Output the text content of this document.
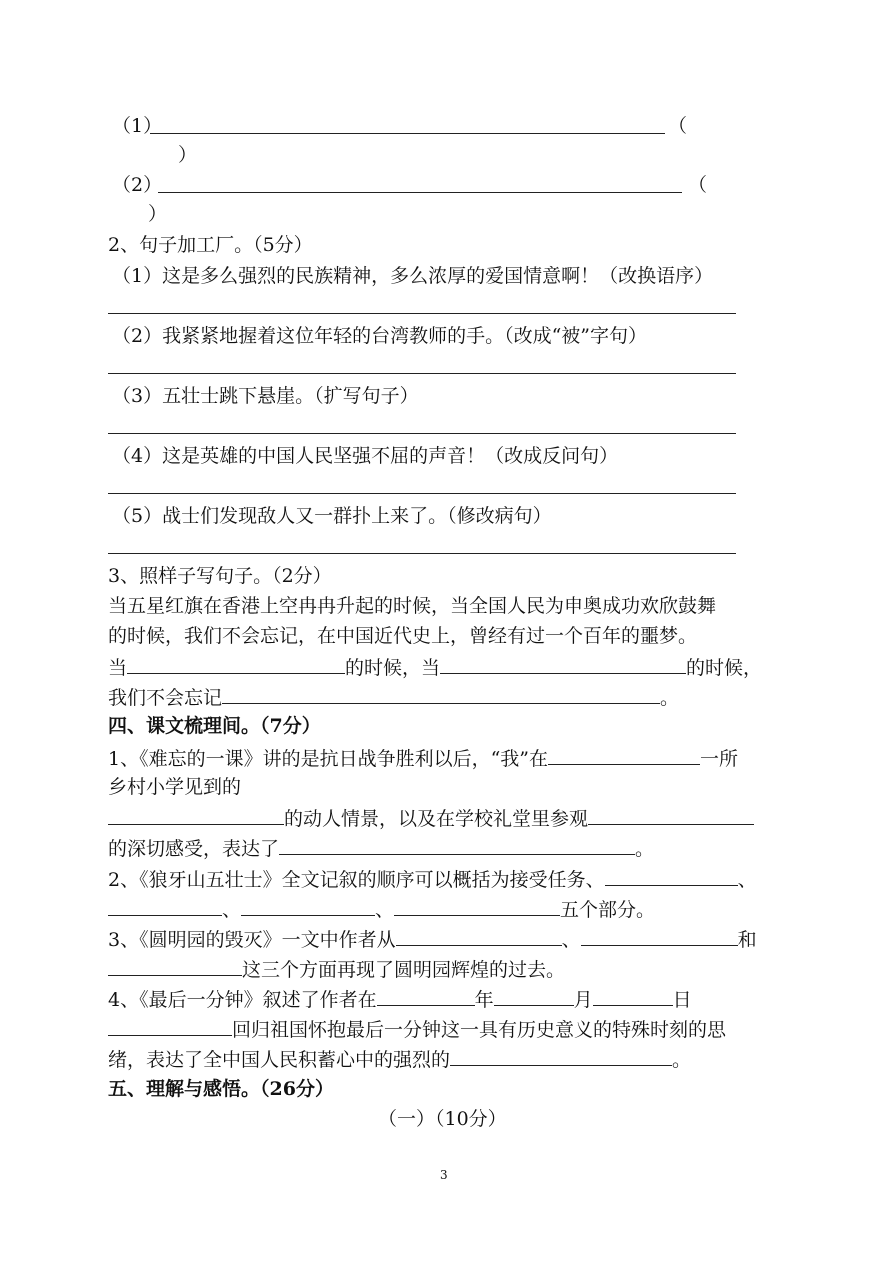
（1）	（
）
（2）	（
）
2、句子加工厂。（5分）
（1）这是多么强烈的民族精神，多么浓厚的爱国情意啊！（改换语序）
（2）我紧紧地握着这位年轻的台湾教师的手。（改成“被”字句）
（3）五壮士跳下悬崖。（扩写句子）
（4）这是英雄的中国人民坚强不屈的声音！（改成反问句）
（5）战士们发现敌人又一群扑上来了。（修改病句）
3、照样子写句子。（2分）
当五星红旗在香港上空冉冉升起的时候，当全国人民为申奥成功欢欣鼓舞
的时候，我们不会忘记，在中国近代史上，曾经有过一个百年的噩梦。
当	的时候，当	的时候，
我们不会忘记	。
四、课文梳理间。（7分）
1、《难忘的一课》讲的是抗日战争胜利以后，“我”在	一所
乡村小学见到的
的动人情景，以及在学校礼堂里参观
的深切感受，表达了	。
2、《狼牙山五壮士》全文记叙的顺序可以概括为接受任务、	、
、	、	五个部分。
3、《圆明园的毁灭》一文中作者从	、	和
这三个方面再现了圆明园辉煌的过去。
4、《最后一分钟》叙述了作者在	年	月	日
回归祖国怀抱最后一分钟这一具有历史意义的特殊时刻的思
绪，表达了全中国人民积蓄心中的强烈的	。
五、理解与感悟。（26分）
（一）（10分）
3
